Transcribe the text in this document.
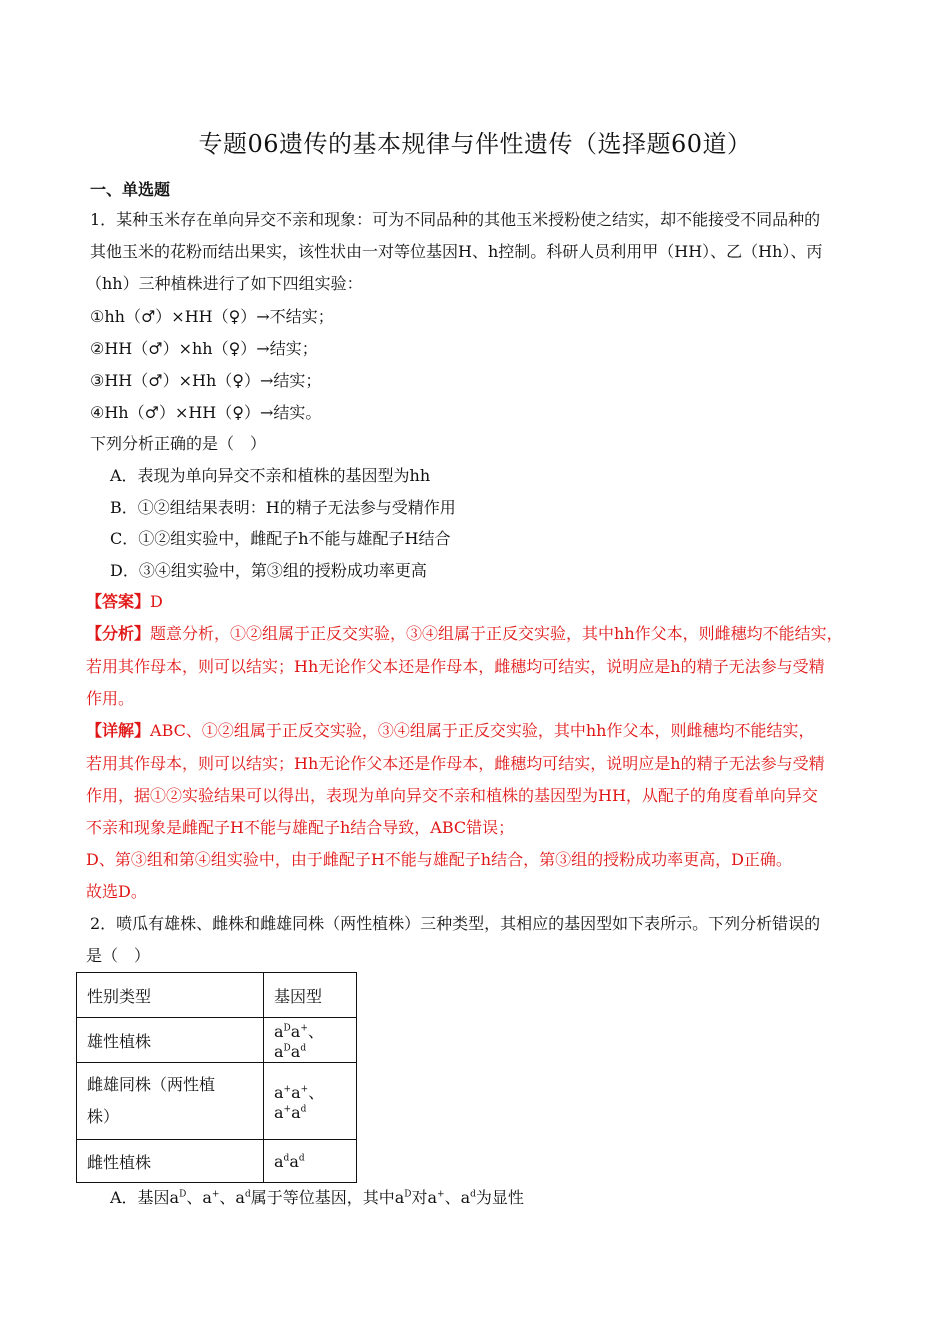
专题06遗传的基本规律与伴性遗传（选择题60道）
一、单选题
1．某种玉米存在单向异交不亲和现象：可为不同品种的其他玉米授粉使之结实，却不能接受不同品种的
其他玉米的花粉而结出果实，该性状由一对等位基因H、h控制。科研人员利用甲（HH）、乙（Hh）、丙
（hh）三种植株进行了如下四组实验：
①hh（♂）×HH（♀）→不结实；
②HH（♂）×hh（♀）→结实；
③HH（♂）×Hh（♀）→结实；
④Hh（♂）×HH（♀）→结实。
下列分析正确的是（　）
A．表现为单向异交不亲和植株的基因型为hh
B．①②组结果表明：H的精子无法参与受精作用
C．①②组实验中，雌配子h不能与雄配子H结合
D．③④组实验中，第③组的授粉成功率更高
【答案】D
【分析】题意分析，①②组属于正反交实验，③④组属于正反交实验，其中hh作父本，则雌穗均不能结实，
若用其作母本，则可以结实；Hh无论作父本还是作母本，雌穗均可结实，说明应是h的精子无法参与受精
作用。
【详解】ABC、①②组属于正反交实验，③④组属于正反交实验，其中hh作父本，则雌穗均不能结实，
若用其作母本，则可以结实；Hh无论作父本还是作母本，雌穗均可结实，说明应是h的精子无法参与受精
作用，据①②实验结果可以得出，表现为单向异交不亲和植株的基因型为HH，从配子的角度看单向异交
不亲和现象是雌配子H不能与雄配子h结合导致，ABC错误；
D、第③组和第④组实验中，由于雌配子H不能与雄配子h结合，第③组的授粉成功率更高，D正确。
故选D。
2．喷瓜有雄株、雌株和雌雄同株（两性植株）三种类型，其相应的基因型如下表所示。下列分析错误的
是（　）
性别类型	基因型
雄性植株	$a^Da^+$、$a^Da^d$
雌雄同株（两性植
株）	a+a+、$a^+a^d$
雌性植株	$a^da^d$
A．基因$a^D$、a+、$a^d$属于等位基因，其中$a^D$对a+、$a^d$为显性
